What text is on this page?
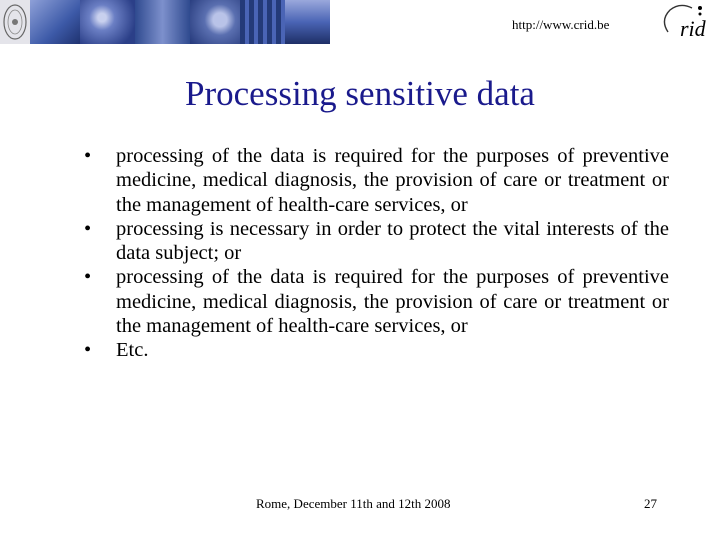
http://www.crid.be	rid
Processing sensitive data
• processing of the data is required for the purposes of preventive medicine, medical diagnosis, the provision of care or treatment or the management of health-care services, or
• processing is necessary in order to protect the vital interests of the data subject; or
• processing of the data is required for the purposes of preventive medicine, medical diagnosis, the provision of care or treatment or the management of health-care services, or
• Etc.
Rome, December 11th and 12th 2008	27
